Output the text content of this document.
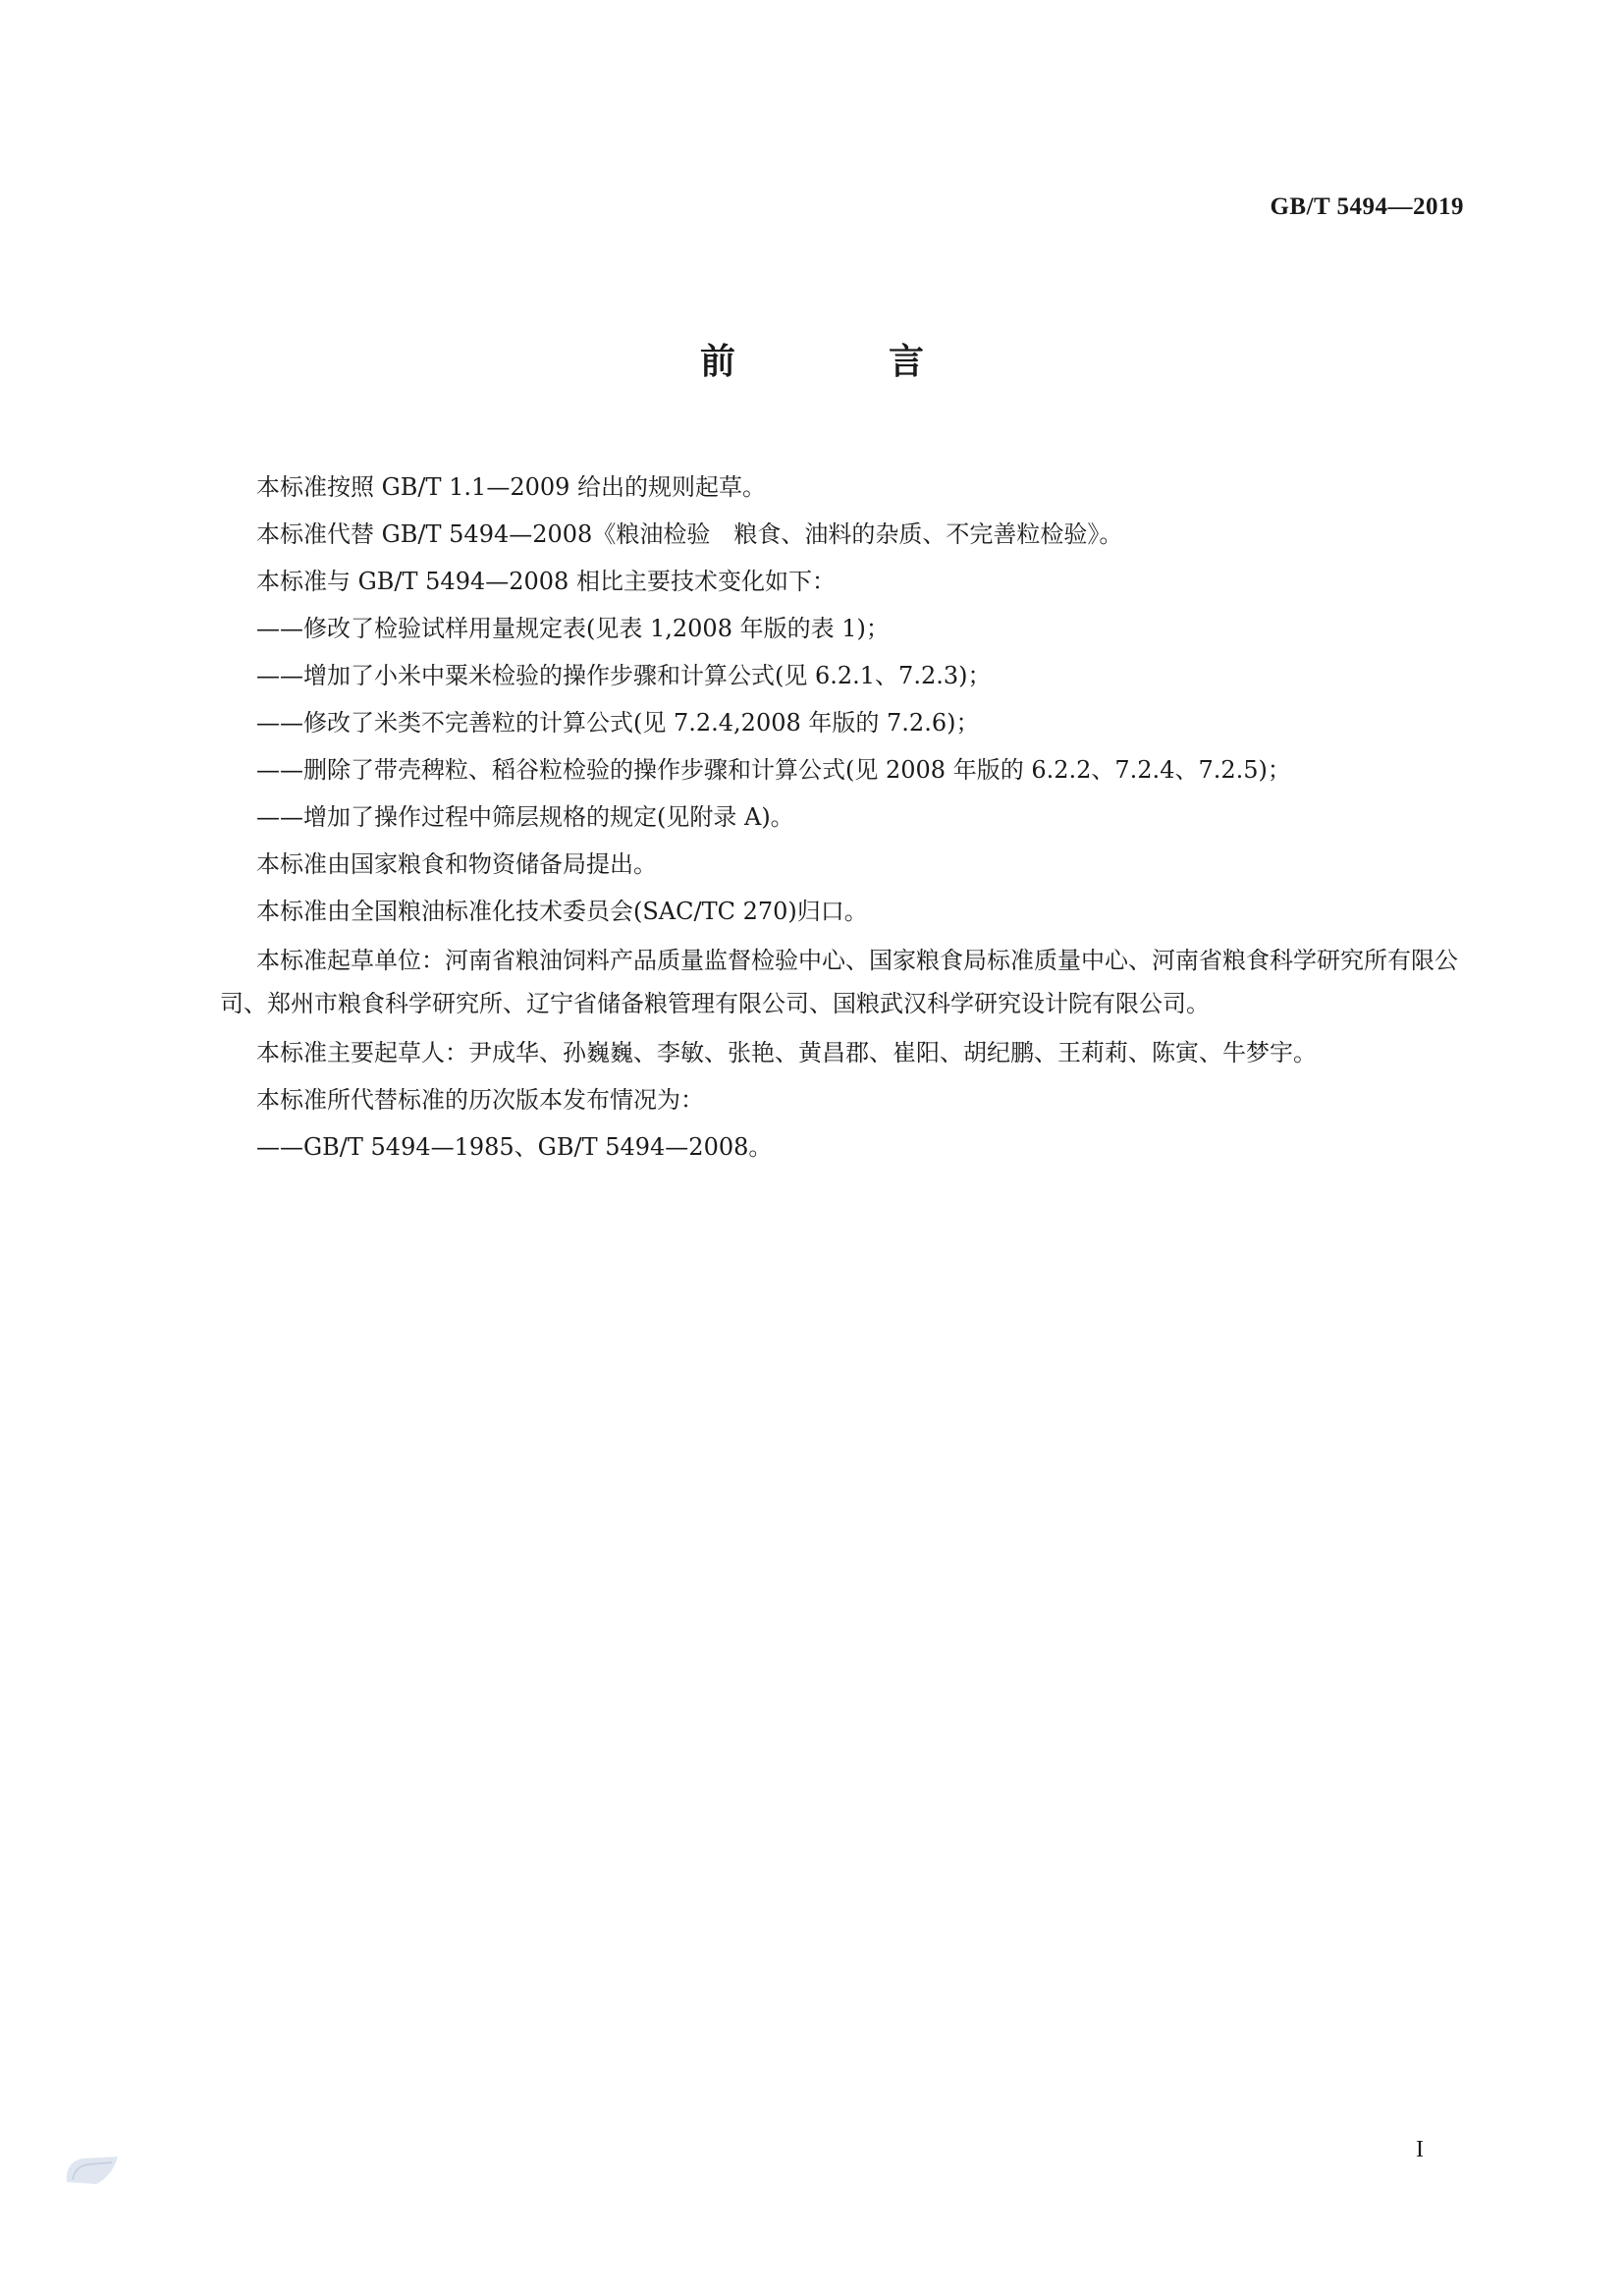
GB/T 5494—2019
前　言

本标准按照 GB/T 1.1—2009 给出的规则起草。

本标准代替 GB/T 5494—2008《粮油检验　粮食、油料的杂质、不完善粒检验》。

本标准与 GB/T 5494—2008 相比主要技术变化如下：

——修改了检验试样用量规定表(见表 1,2008 年版的表 1)；

——增加了小米中粟米检验的操作步骤和计算公式(见 6.2.1、7.2.3)；

——修改了米类不完善粒的计算公式(见 7.2.4,2008 年版的 7.2.6)；

——删除了带壳稗粒、稻谷粒检验的操作步骤和计算公式(见 2008 年版的 6.2.2、7.2.4、7.2.5)；

——增加了操作过程中筛层规格的规定(见附录 A)。

本标准由国家粮食和物资储备局提出。

本标准由全国粮油标准化技术委员会(SAC/TC 270)归口。

本标准起草单位：河南省粮油饲料产品质量监督检验中心、国家粮食局标准质量中心、河南省粮食科学研究所有限公司、郑州市粮食科学研究所、辽宁省储备粮管理有限公司、国粮武汉科学研究设计院有限公司。

本标准主要起草人：尹成华、孙巍巍、李敏、张艳、黄昌郡、崔阳、胡纪鹏、王莉莉、陈寅、牛梦宇。

本标准所代替标准的历次版本发布情况为：

——GB/T 5494—1985、GB/T 5494—2008。

I
